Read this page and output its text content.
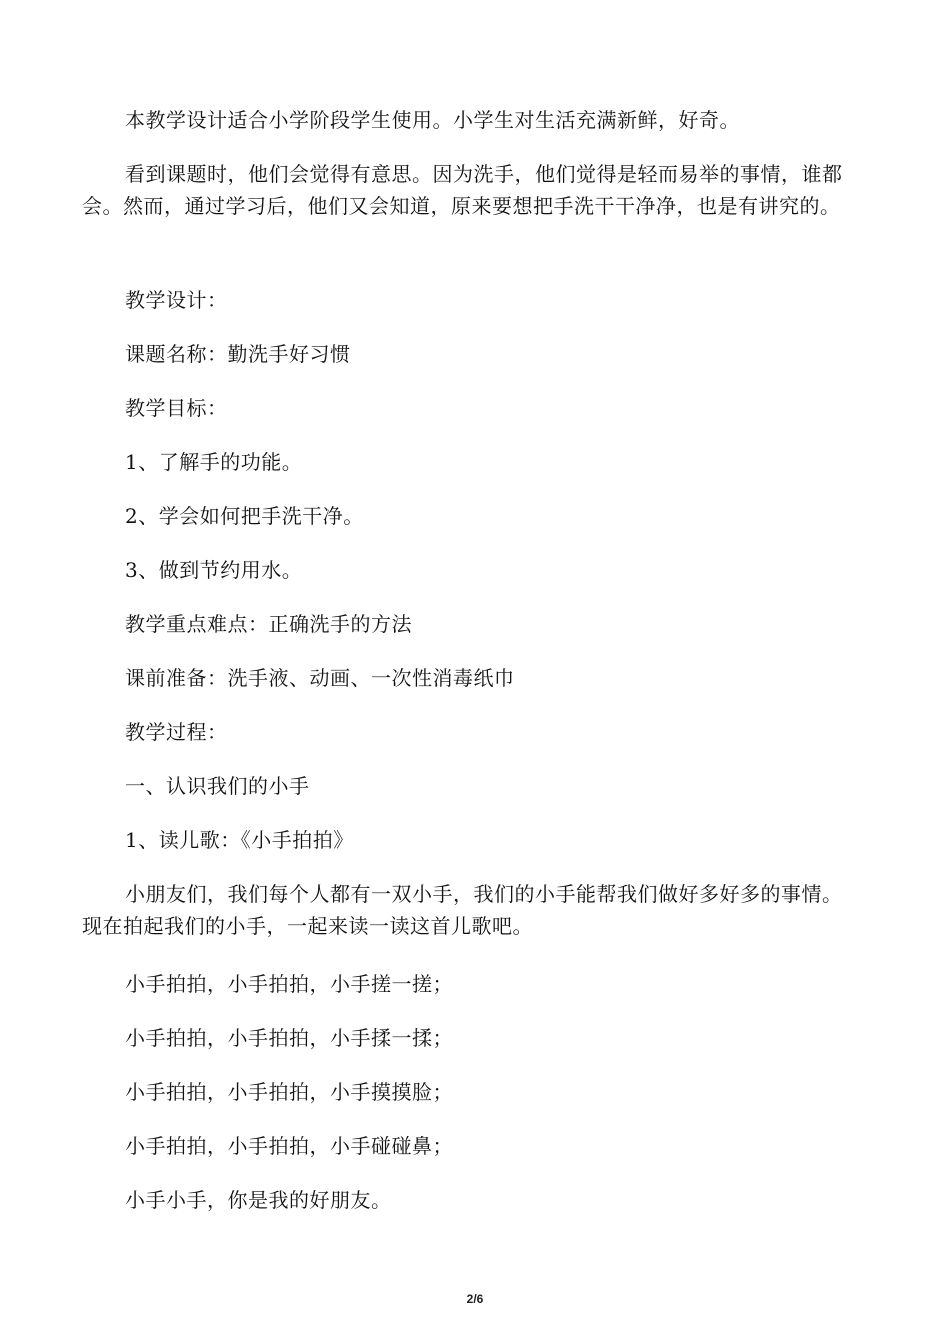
本教学设计适合小学阶段学生使用。小学生对生活充满新鲜，好奇。

看到课题时，他们会觉得有意思。因为洗手，他们觉得是轻而易举的事情，谁都会。然而，通过学习后，他们又会知道，原来要想把手洗干干净净，也是有讲究的。

教学设计：

课题名称：勤洗手好习惯

教学目标：

1、了解手的功能。

2、学会如何把手洗干净。

3、做到节约用水。

教学重点难点：正确洗手的方法

课前准备：洗手液、动画、一次性消毒纸巾

教学过程：

一、认识我们的小手

1、读儿歌：《小手拍拍》

小朋友们，我们每个人都有一双小手，我们的小手能帮我们做好多好多的事情。现在拍起我们的小手，一起来读一读这首儿歌吧。

小手拍拍，小手拍拍，小手搓一搓；

小手拍拍，小手拍拍，小手揉一揉；

小手拍拍，小手拍拍，小手摸摸脸；

小手拍拍，小手拍拍，小手碰碰鼻；

小手小手，你是我的好朋友。

2/6
